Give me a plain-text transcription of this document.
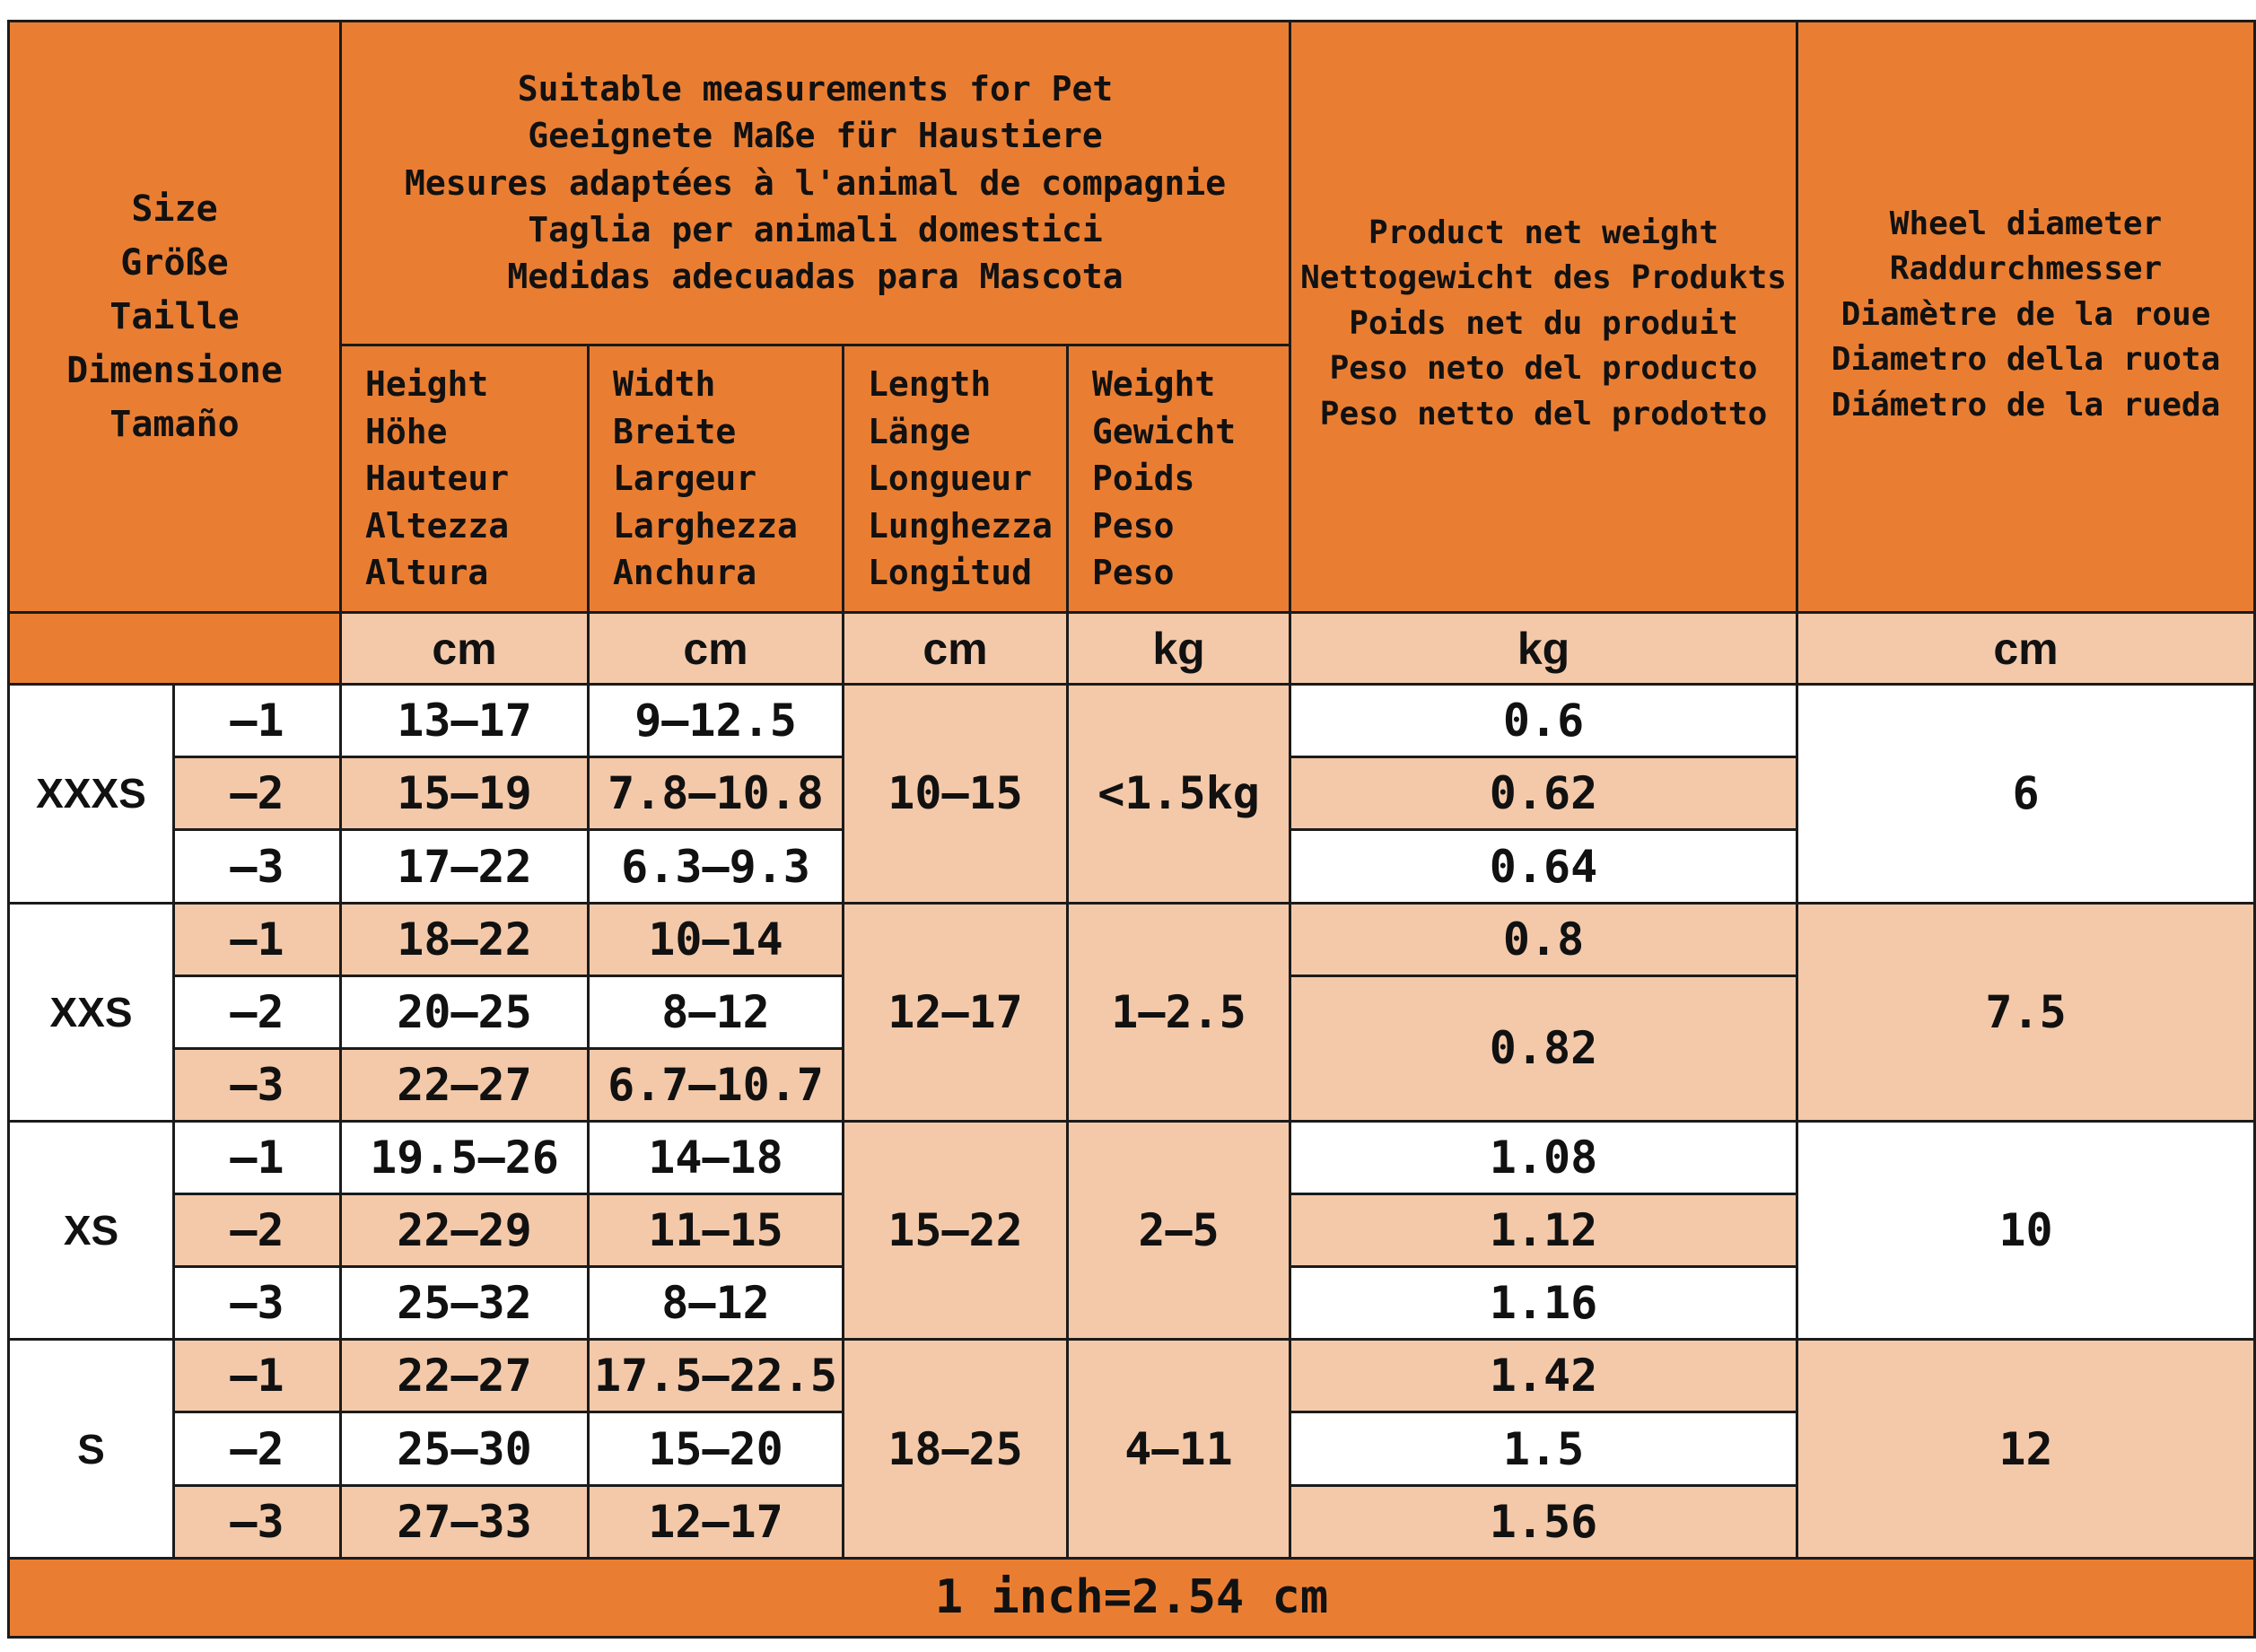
Size
Größe
Taille
Dimensione
Tamaño		Suitable measurements for Pet
Geeignete Maße für Haustiere
Mesures adaptées à l'animal de compagnie
Taglia per animali domestici
Medidas adecuadas para Mascota				Product net weight
Nettogewicht des Produkts
Poids net du produit
Peso neto del producto
Peso netto del prodotto	Wheel diameter
Raddurchmesser
Diamètre de la roue
Diametro della ruota
Diámetro de la rueda

		Height
Höhe
Hauteur
Altezza
Altura	Width
Breite
Largeur
Larghezza
Anchura	Length
Länge
Longueur
Lunghezza
Longitud	Weight
Gewicht
Poids
Peso
Peso		

		cm	cm	cm	kg	kg	cm
XXXS	–1	13–17	9–12.5	10–15	<1.5kg	0.6	6
	–2	15–19	7.8–10.8			0.62	
	–3	17–22	6.3–9.3			0.64	
XXS	–1	18–22	10–14	12–17	1–2.5	0.8	7.5
	–2	20–25	8–12			0.82	
	–3	22–27	6.7–10.7				
XS	–1	19.5–26	14–18	15–22	2–5	1.08	10
	–2	22–29	11–15			1.12	
	–3	25–32	8–12			1.16	
S	–1	22–27	17.5–22.5	18–25	4–11	1.42	12
	–2	25–30	15–20			1.5	
	–3	27–33	12–17			1.56	
1 inch=2.54 cm							
